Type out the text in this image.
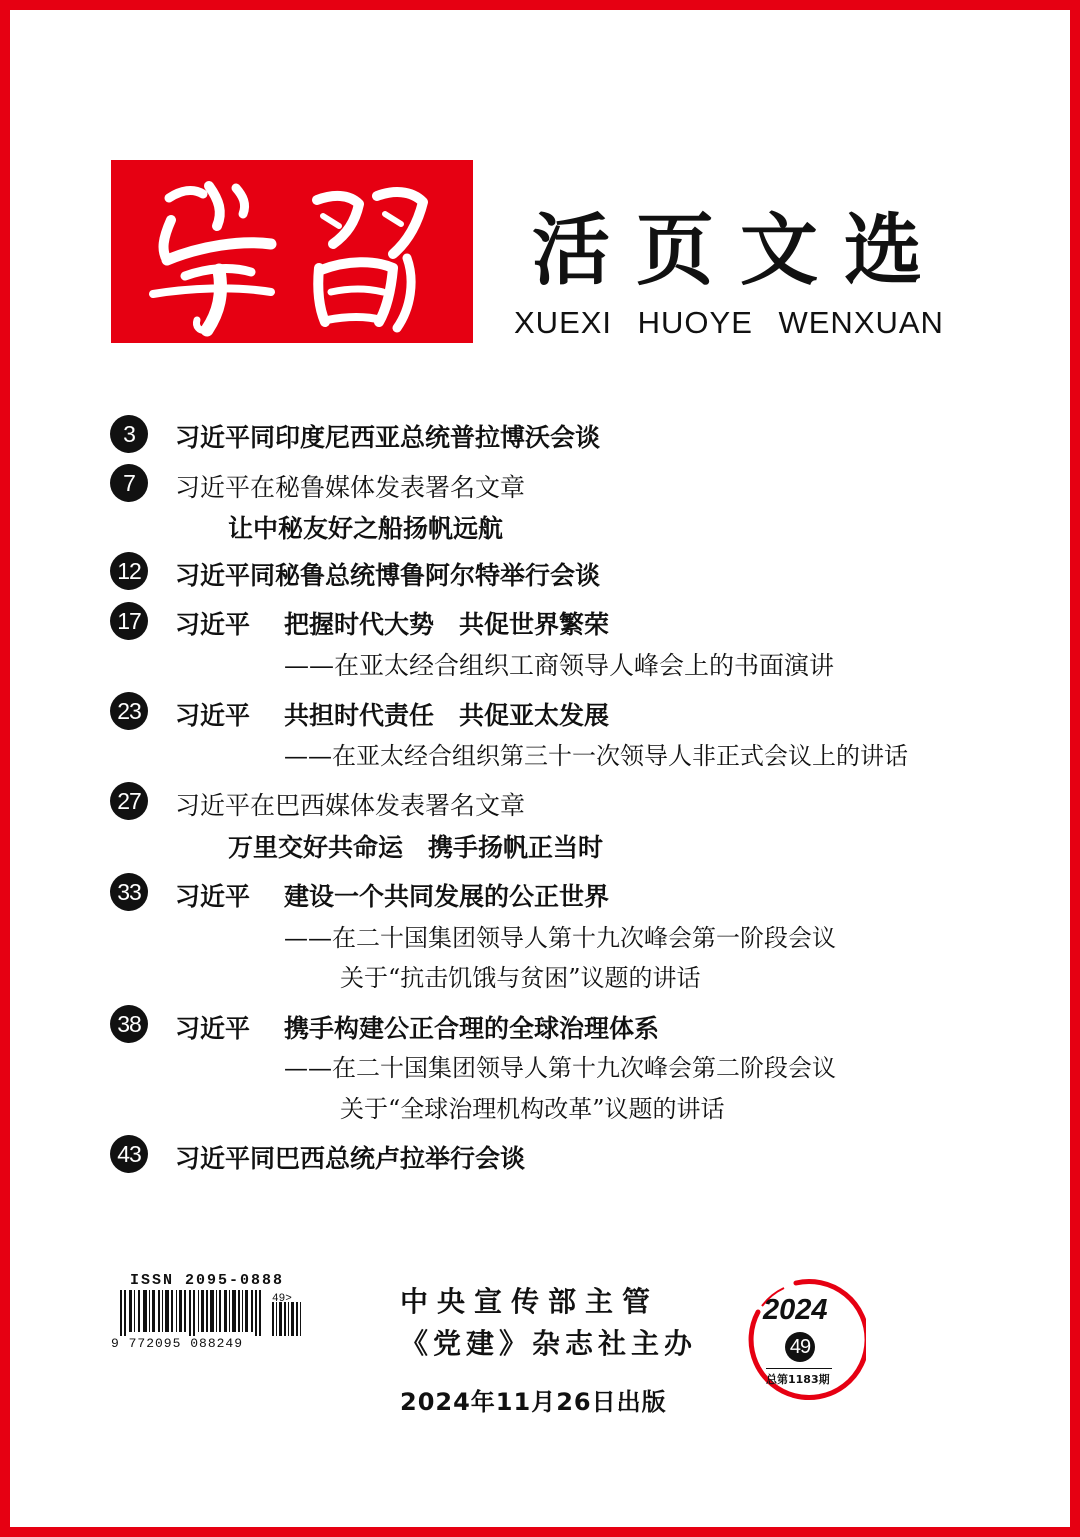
活页文选
XUEXI HUOYE WENXUAN
3	习近平同印度尼西亚总统普拉博沃会谈
7	习近平在秘鲁媒体发表署名文章
让中秘友好之船扬帆远航
12 习近平同秘鲁总统博鲁阿尔特举行会谈
17 习近平 把握时代大势　共促世界繁荣
——在亚太经合组织工商领导人峰会上的书面演讲
23 习近平 共担时代责任　共促亚太发展
——在亚太经合组织第三十一次领导人非正式会议上的讲话
27 习近平在巴西媒体发表署名文章
万里交好共命运　携手扬帆正当时
33 习近平 建设一个共同发展的公正世界
——在二十国集团领导人第十九次峰会第一阶段会议
关于“抗击饥饿与贫困”议题的讲话
38 习近平 携手构建公正合理的全球治理体系
——在二十国集团领导人第十九次峰会第二阶段会议
关于“全球治理机构改革”议题的讲话
43 习近平同巴西总统卢拉举行会谈
ISSN 2095-0888
49>
9 772095 088249
中央宣传部主管
《党建》杂志社主办
2024年11月26日出版
2024
49
总第1183期
